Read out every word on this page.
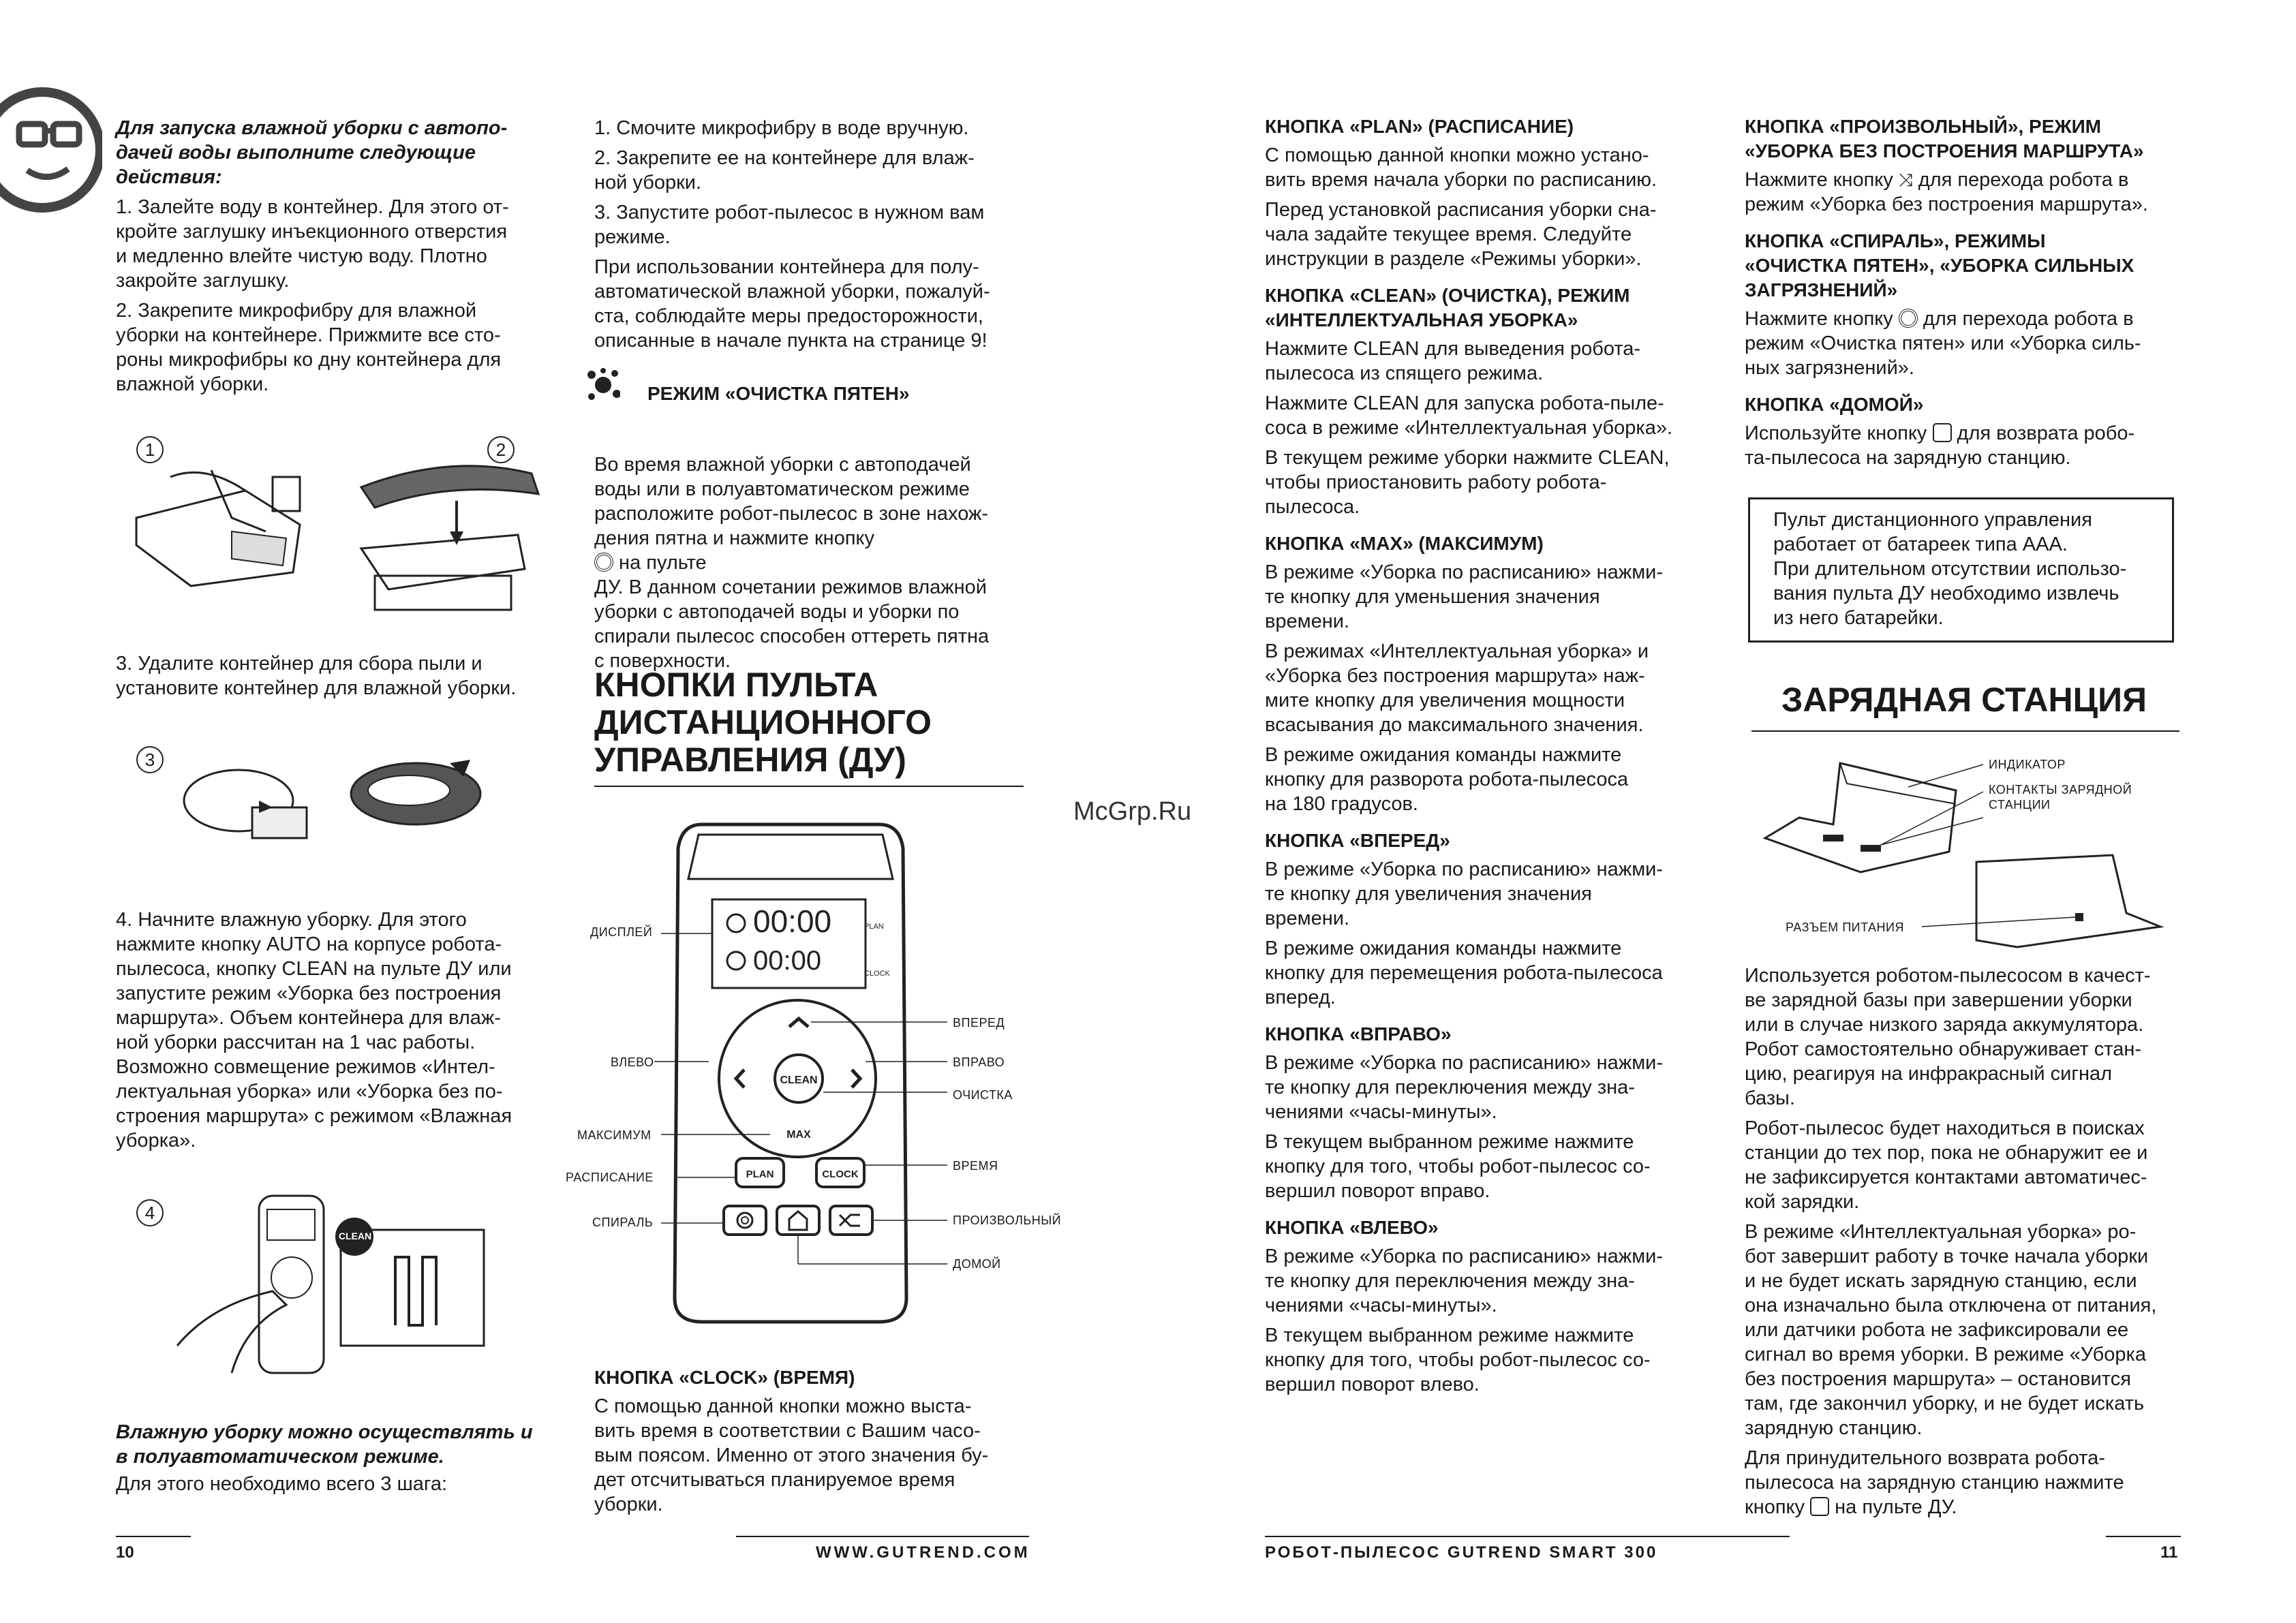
Для запуска влажной уборки с автопо-
дачей воды выполните следующие
действия:

1. Залейте воду в контейнер. Для этого от-
кройте заглушку инъекционного отверстия
и медленно влейте чистую воду. Плотно
закройте заглушку.

2. Закрепите микрофибру для влажной
уборки на контейнере. Прижмите все сто-
роны микрофибры ко дну контейнера для
влажной уборки.

1	2

3. Удалите контейнер для сбора пыли и
установите контейнер для влажной уборки.

3

4. Начните влажную уборку. Для этого
нажмите кнопку AUTO на корпусе робота-
пылесоса, кнопку CLEAN на пульте ДУ или
запустите режим «Уборка без построения
маршрута». Объем контейнера для влаж-
ной уборки рассчитан на 1 час работы.
Возможно совмещение режимов «Интел-
лектуальная уборка» или «Уборка без по-
строения маршрута» с режимом «Влажная
уборка».

4
CLEAN

Влажную уборку можно осуществлять и
в полуавтоматическом режиме.

Для этого необходимо всего 3 шага:

1. Смочите микрофибру в воде вручную.

2. Закрепите ее на контейнере для влаж-
ной уборки.

3. Запустите робот-пылесос в нужном вам
режиме.

При использовании контейнера для полу-
автоматической влажной уборки, пожалуй-
ста, соблюдайте меры предосторожности,
описанные в начале пункта на странице 9!

РЕЖИМ «ОЧИСТКА ПЯТЕН»

Во время влажной уборки с автоподачей
воды или в полуавтоматическом режиме
расположите робот-пылесос в зоне нахож-
дения пятна и нажмите кнопку
на пульте
ДУ. В данном сочетании режимов влажной
уборки с автоподачей воды и уборки по
спирали пылесос способен оттереть пятна
с поверхности.

КНОПКИ ПУЛЬТА
ДИСТАНЦИОННОГО
УПРАВЛЕНИЯ (ДУ)
00:00
00:00
PLAN
CLOCK
CLEAN
MAX
PLAN	CLOCK
ДИСПЛЕЙ
ВЛЕВО
МАКСИМУМ
РАСПИСАНИЕ
СПИРАЛЬ
ВПЕРЕД
ВПРАВО
ОЧИСТКА
ВРЕМЯ
ПРОИЗВОЛЬНЫЙ
ДОМОЙ
КНОПКА «CLOCK» (ВРЕМЯ)

С помощью данной кнопки можно выста-
вить время в соответствии с Вашим часо-
вым поясом. Именно от этого значения бу-
дет отсчитываться планируемое время
уборки.

McGrp.Ru
10	WWW.GUTREND.COM
КНОПКА «PLAN» (РАСПИСАНИЕ)

С помощью данной кнопки можно устано-
вить время начала уборки по расписанию.

Перед установкой расписания уборки сна-
чала задайте текущее время. Следуйте
инструкции в разделе «Режимы уборки».

КНОПКА «CLEAN» (ОЧИСТКА), РЕЖИМ
«ИНТЕЛЛЕКТУАЛЬНАЯ УБОРКА»

Нажмите CLEAN для выведения робота-
пылесоса из спящего режима.

Нажмите CLEAN для запуска робота-пыле-
соса в режиме «Интеллектуальная уборка».

В текущем режиме уборки нажмите CLEAN,
чтобы приостановить работу робота-
пылесоса.

КНОПКА «MAX» (МАКСИМУМ)

В режиме «Уборка по расписанию» нажми-
те кнопку для уменьшения значения
времени.

В режимах «Интеллектуальная уборка» и
«Уборка без построения маршрута» наж-
мите кнопку для увеличения мощности
всасывания до максимального значения.

В режиме ожидания команды нажмите
кнопку для разворота робота-пылесоса
на 180 градусов.

КНОПКА «ВПЕРЕД»

В режиме «Уборка по расписанию» нажми-
те кнопку для увеличения значения
времени.

В режиме ожидания команды нажмите
кнопку для перемещения робота-пылесоса
вперед.

КНОПКА «ВПРАВО»

В режиме «Уборка по расписанию» нажми-
те кнопку для переключения между зна-
чениями «часы-минуты».

В текущем выбранном режиме нажмите
кнопку для того, чтобы робот-пылесос со-
вершил поворот вправо.

КНОПКА «ВЛЕВО»

В режиме «Уборка по расписанию» нажми-
те кнопку для переключения между зна-
чениями «часы-минуты».

В текущем выбранном режиме нажмите
кнопку для того, чтобы робот-пылесос со-
вершил поворот влево.

КНОПКА «ПРОИЗВОЛЬНЫЙ», РЕЖИМ
«УБОРКА БЕЗ ПОСТРОЕНИЯ МАРШРУТА»

Нажмите кнопку ⤨ для перехода робота в
режим «Уборка без построения маршрута».

КНОПКА «СПИРАЛЬ», РЕЖИМЫ
«ОЧИСТКА ПЯТЕН», «УБОРКА СИЛЬНЫХ
ЗАГРЯЗНЕНИЙ»

Нажмите кнопку  для перехода робота в
режим «Очистка пятен» или «Уборка силь-
ных загрязнений».

КНОПКА «ДОМОЙ»

Используйте кнопку  для возврата робо-
та-пылесоса на зарядную станцию.

Пульт дистанционного управления
работает от батареек типа ААА.
При длительном отсутствии использо-
вания пульта ДУ необходимо извлечь
из него батарейки.
ЗАРЯДНАЯ СТАНЦИЯ
ИНДИКАТОР
КОНТАКТЫ ЗАРЯДНОЙ
СТАНЦИИ
РАЗЪЕМ ПИТАНИЯ

Используется роботом-пылесосом в качест-
ве зарядной базы при завершении уборки
или в случае низкого заряда аккумулятора.
Робот самостоятельно обнаруживает стан-
цию, реагируя на инфракрасный сигнал
базы.

Робот-пылесос будет находиться в поисках
станции до тех пор, пока не обнаружит ее и
не зафиксируется контактами автоматичес-
кой зарядки.

В режиме «Интеллектуальная уборка» ро-
бот завершит работу в точке начала уборки
и не будет искать зарядную станцию, если
она изначально была отключена от питания,
или датчики робота не зафиксировали ее
сигнал во время уборки. В режиме «Уборка
без построения маршрута» – остановится
там, где закончил уборку, и не будет искать
зарядную станцию.

Для принудительного возврата робота-
пылесоса на зарядную станцию нажмите
кнопку  на пульте ДУ.

РОБОТ-ПЫЛЕСОС GUTREND SMART 300	11
